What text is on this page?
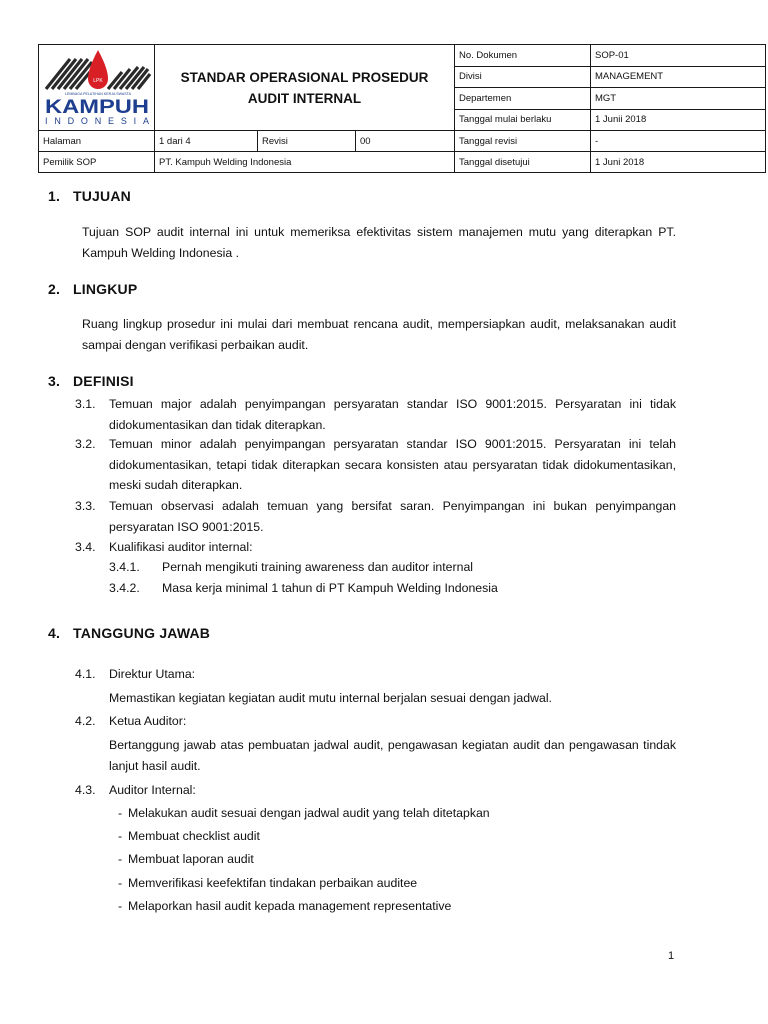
LPK
LEMBAGA PELATIHAN KERJA SWASTA
KAMPUH
INDONESIA	STANDAR OPERASIONAL PROSEDUR
AUDIT INTERNAL			No. Dokumen	SOP-01
				Divisi	MANAGEMENT
				Departemen	MGT
				Tanggal mulai berlaku	1 Junii 2018
Halaman	1 dari 4	Revisi	00	Tanggal revisi	-
Pemilik SOP	PT. Kampuh Welding Indonesia			Tanggal disetujui	1 Juni 2018
1. TUJUAN
Tujuan SOP audit internal ini untuk memeriksa efektivitas sistem manajemen mutu yang diterapkan PT. Kampuh Welding Indonesia .
2. LINGKUP
Ruang lingkup prosedur ini mulai dari membuat rencana audit, mempersiapkan audit, melaksanakan audit sampai dengan verifikasi perbaikan audit.
3. DEFINISI
3.1. Temuan major adalah penyimpangan persyaratan standar ISO 9001:2015. Persyaratan ini tidak didokumentasikan dan tidak diterapkan.
3.2. Temuan minor adalah penyimpangan persyaratan standar ISO 9001:2015. Persyaratan ini telah didokumentasikan, tetapi tidak diterapkan secara konsisten atau persyaratan tidak didokumentasikan, meski sudah diterapkan.
3.3. Temuan observasi adalah temuan yang bersifat saran. Penyimpangan ini bukan penyimpangan persyaratan ISO 9001:2015.
3.4. Kualifikasi auditor internal:
3.4.1. Pernah mengikuti training awareness dan auditor internal
3.4.2. Masa kerja minimal 1 tahun di PT Kampuh Welding Indonesia
4. TANGGUNG JAWAB
4.1. Direktur Utama:
Memastikan kegiatan kegiatan audit mutu internal berjalan sesuai dengan jadwal.
4.2. Ketua Auditor:
Bertanggung jawab atas pembuatan jadwal audit, pengawasan kegiatan audit dan pengawasan tindak lanjut hasil audit.
4.3. Auditor Internal:
- Melakukan audit sesuai dengan jadwal audit yang telah ditetapkan
- Membuat checklist audit
- Membuat laporan audit
- Memverifikasi keefektifan tindakan perbaikan auditee
- Melaporkan hasil audit kepada management representative
1
